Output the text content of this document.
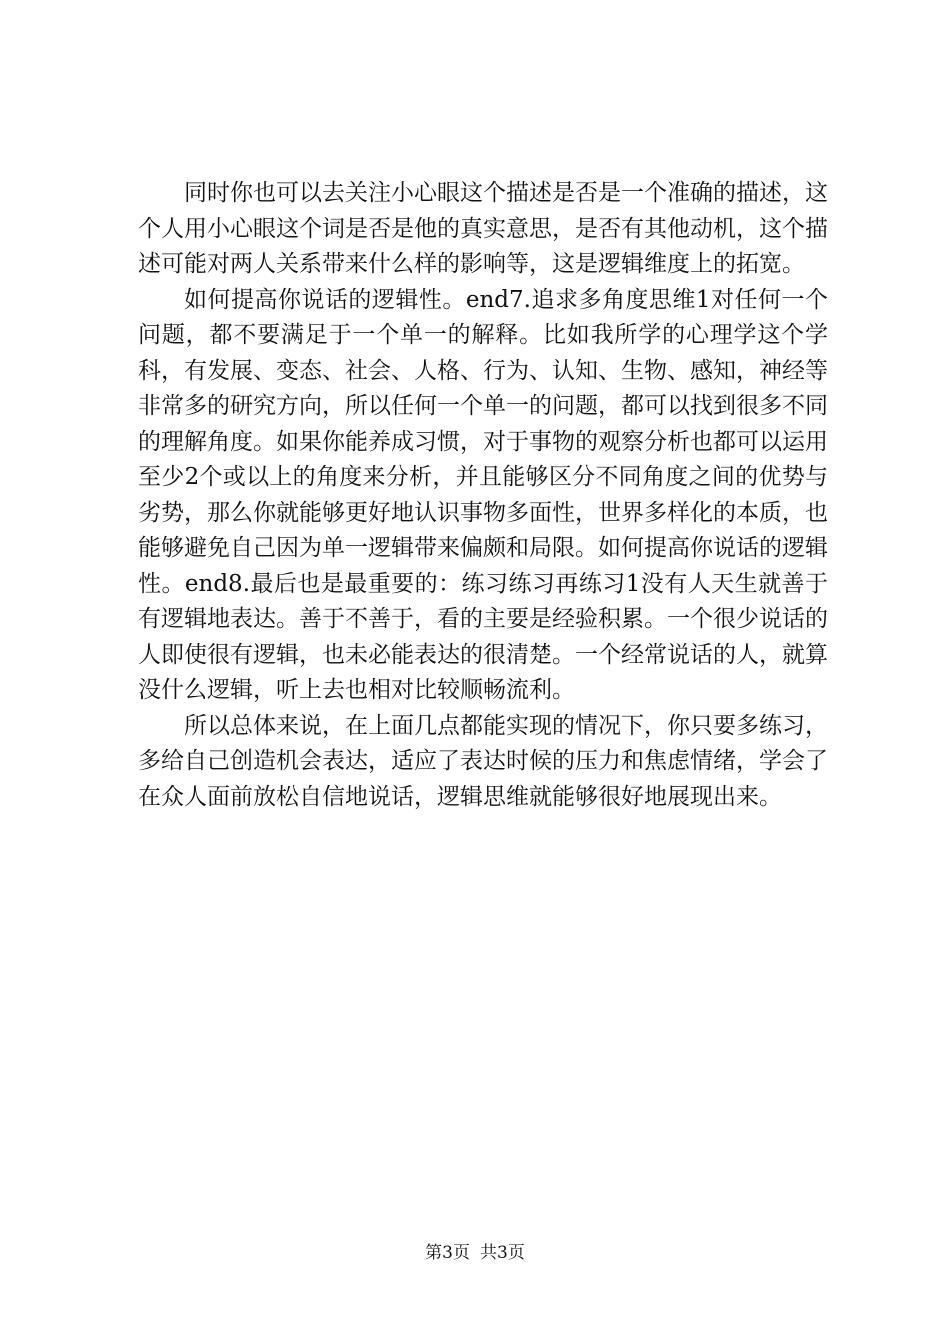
同时你也可以去关注小心眼这个描述是否是一个准确的描述，这个人用小心眼这个词是否是他的真实意思，是否有其他动机，这个描述可能对两人关系带来什么样的影响等，这是逻辑维度上的拓宽。

如何提高你说话的逻辑性。end7.追求多角度思维1对任何一个问题，都不要满足于一个单一的解释。比如我所学的心理学这个学科，有发展、变态、社会、人格、行为、认知、生物、感知，神经等非常多的研究方向，所以任何一个单一的问题，都可以找到很多不同的理解角度。如果你能养成习惯，对于事物的观察分析也都可以运用至少2个或以上的角度来分析，并且能够区分不同角度之间的优势与劣势，那么你就能够更好地认识事物多面性，世界多样化的本质，也能够避免自己因为单一逻辑带来偏颇和局限。如何提高你说话的逻辑性。end8.最后也是最重要的：练习练习再练习1没有人天生就善于有逻辑地表达。善于不善于，看的主要是经验积累。一个很少说话的人即使很有逻辑，也未必能表达的很清楚。一个经常说话的人，就算没什么逻辑，听上去也相对比较顺畅流利。

所以总体来说，在上面几点都能实现的情况下，你只要多练习，多给自己创造机会表达，适应了表达时候的压力和焦虑情绪，学会了在众人面前放松自信地说话，逻辑思维就能够很好地展现出来。

第3页 共3页
